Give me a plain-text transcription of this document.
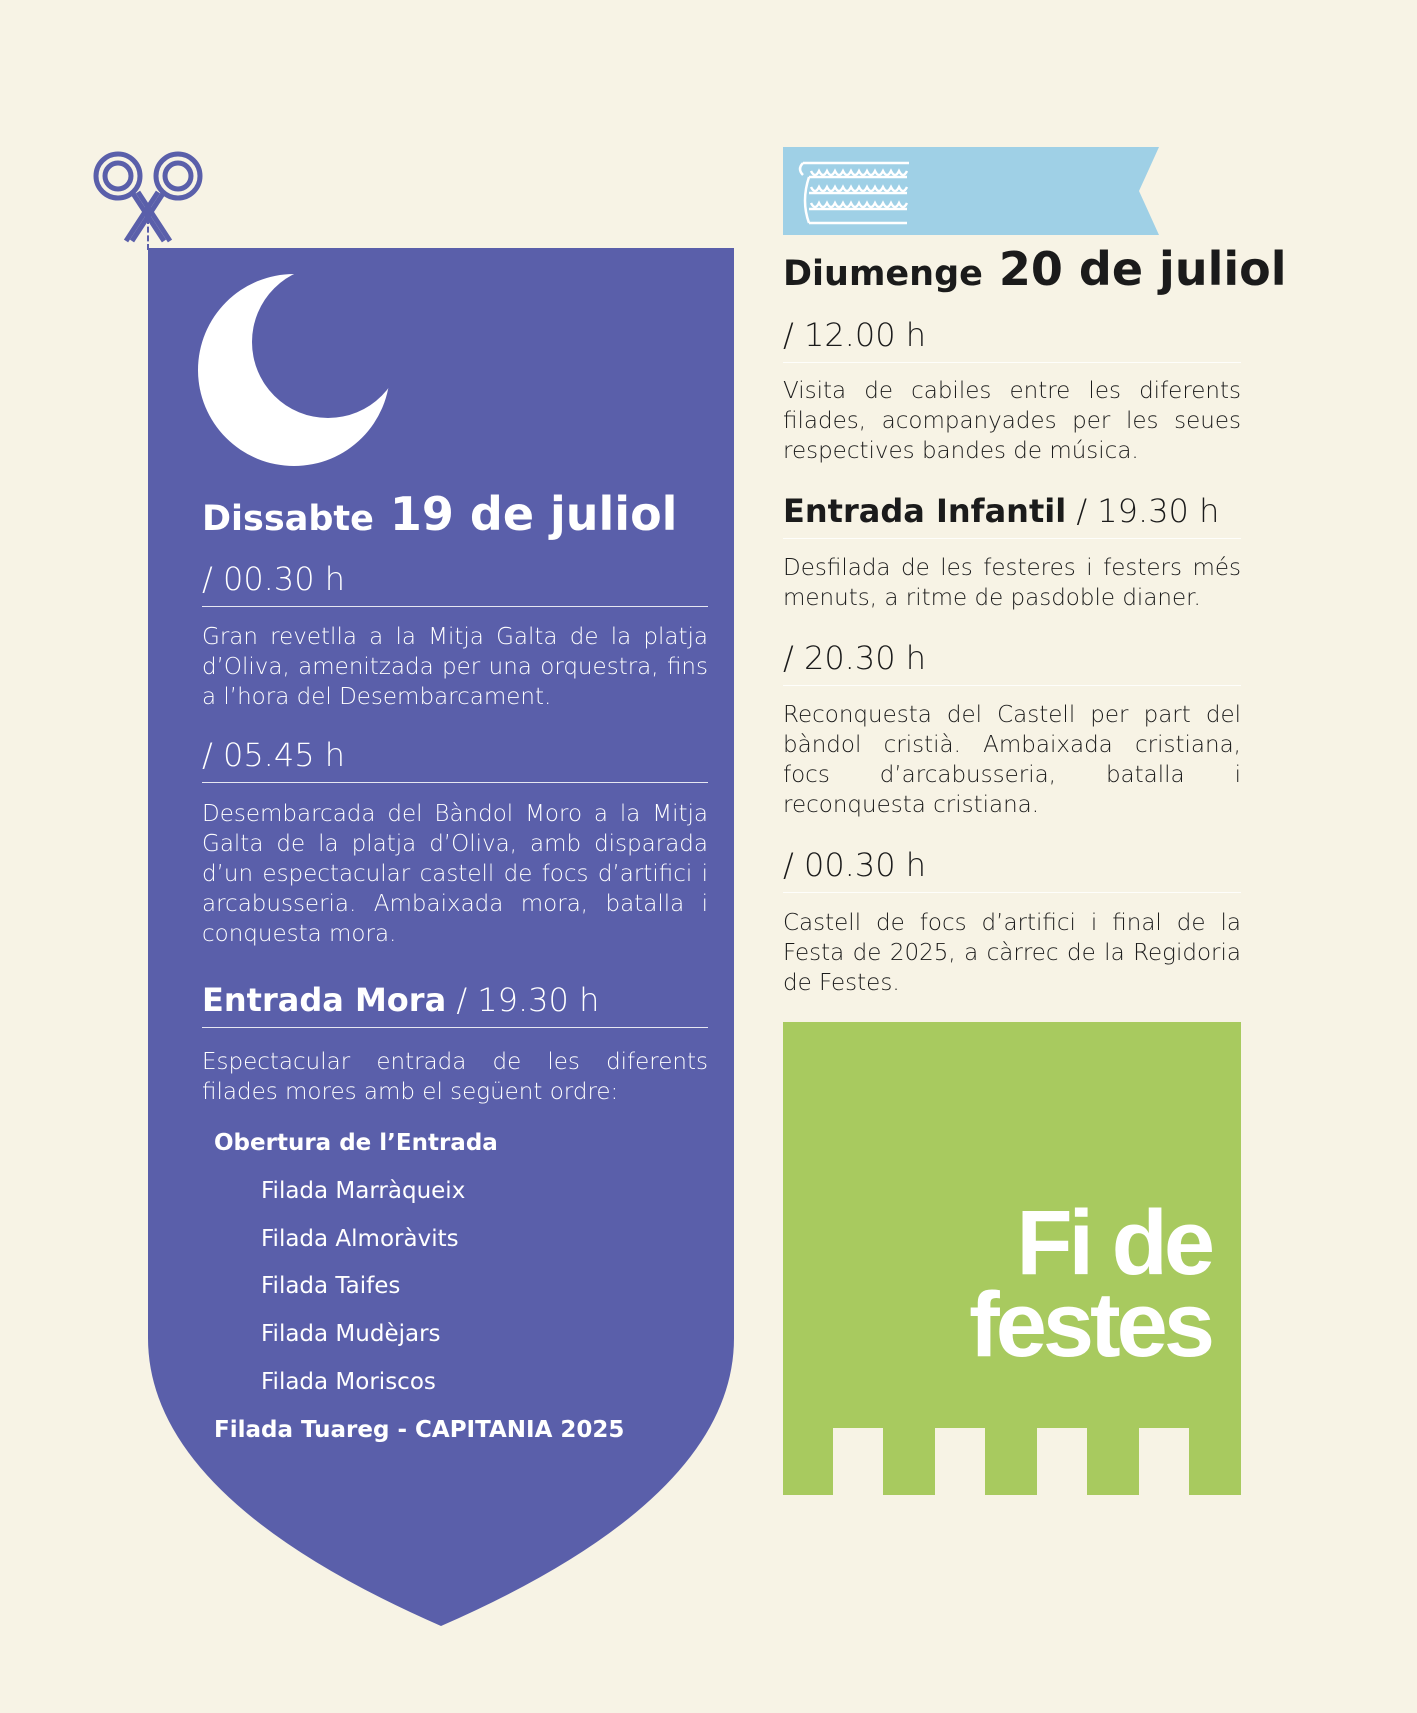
Dissabte 19 de juliol
/ 00.30 h
Gran revetlla a la Mitja Galta de la platja d’Oliva, amenitzada per una orquestra, fins a l’hora del Desembarcament.
/ 05.45 h
Desembarcada del Bàndol Moro a la Mitja Galta de la platja d’Oliva, amb disparada d’un espectacular castell de focs d’artifici i arcabusseria. Ambaixada mora, batalla i conquesta mora.
Entrada Mora / 19.30 h
Espectacular entrada de les diferents filades mores amb el següent ordre:
Obertura de l’Entrada
Filada Marràqueix
Filada Almoràvits
Filada Taifes
Filada Mudèjars
Filada Moriscos
Filada Tuareg - CAPITANIA 2025
Diumenge 20 de juliol
/ 12.00 h
Visita de cabiles entre les diferents filades, acompanyades per les seues respectives bandes de música.
Entrada Infantil / 19.30 h
Desfilada de les festeres i festers més menuts, a ritme de pasdoble dianer.
/ 20.30 h
Reconquesta del Castell per part del bàndol cristià. Ambaixada cristiana, focs d’arcabusseria, batalla i reconquesta cristiana.
/ 00.30 h
Castell de focs d’artifici i final de la Festa de 2025, a càrrec de la Regidoria de Festes.
Fi de
festes
